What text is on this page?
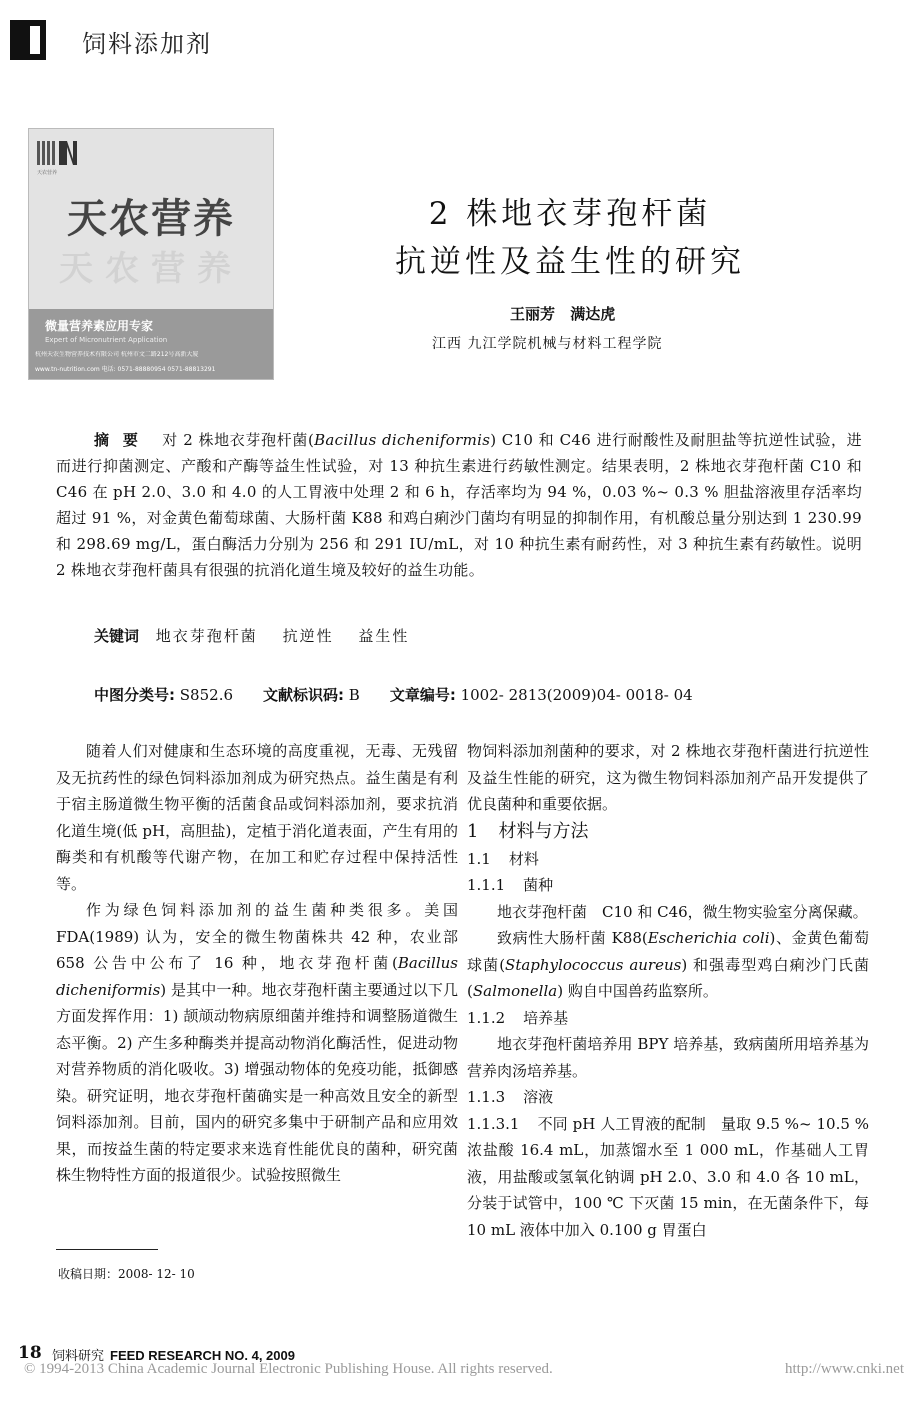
饲料添加剂
天农营养
天农营养
天农营养
微量营养素应用专家
Expert of Micronutrient Application
杭州天农生物营养技术有限公司 杭州市文二路212号高新大厦
www.tn-nutrition.com 电话: 0571-88880954 0571-88813291
2 株地衣芽孢杆菌
抗逆性及益生性的研究
王丽芳 满达虎
江西 九江学院机械与材料工程学院
摘 要 对 2 株地衣芽孢杆菌(Bacillus dicheniformis) C10 和 C46 进行耐酸性及耐胆盐等抗逆性试验，进而进行抑菌测定、产酸和产酶等益生性试验，对 13 种抗生素进行药敏性测定。结果表明，2 株地衣芽孢杆菌 C10 和 C46 在 pH 2.0、3.0 和 4.0 的人工胃液中处理 2 和 6 h，存活率均为 94 %，0.03 %~ 0.3 % 胆盐溶液里存活率均超过 91 %，对金黄色葡萄球菌、大肠杆菌 K88 和鸡白痢沙门菌均有明显的抑制作用，有机酸总量分别达到 1 230.99 和 298.69 mg/L，蛋白酶活力分别为 256 和 291 IU/mL，对 10 种抗生素有耐药性，对 3 种抗生素有药敏性。说明 2 株地衣芽孢杆菌具有很强的抗消化道生境及较好的益生功能。
关键词 地衣芽孢杆菌 抗逆性 益生性
中图分类号: S852.6 文献标识码: B 文章编号: 1002- 2813(2009)04- 0018- 04

随着人们对健康和生态环境的高度重视，无毒、无残留及无抗药性的绿色饲料添加剂成为研究热点。益生菌是有利于宿主肠道微生物平衡的活菌食品或饲料添加剂，要求抗消化道生境(低 pH，高胆盐)，定植于消化道表面，产生有用的酶类和有机酸等代谢产物，在加工和贮存过程中保持活性等。

作为绿色饲料添加剂的益生菌种类很多。美国 FDA(1989) 认为，安全的微生物菌株共 42 种，农业部 658 公告中公布了 16 种，地衣芽孢杆菌(Bacillus dicheniformis) 是其中一种。地衣芽孢杆菌主要通过以下几方面发挥作用：1) 颉颃动物病原细菌并维持和调整肠道微生态平衡。2) 产生多种酶类并提高动物消化酶活性，促进动物对营养物质的消化吸收。3) 增强动物体的免疫功能，抵御感染。研究证明，地衣芽孢杆菌确实是一种高效且安全的新型饲料添加剂。目前，国内的研究多集中于研制产品和应用效果，而按益生菌的特定要求来选育性能优良的菌种，研究菌株生物特性方面的报道很少。试验按照微生

收稿日期：2008- 12- 10

物饲料添加剂菌种的要求，对 2 株地衣芽孢杆菌进行抗逆性及益生性能的研究，这为微生物饲料添加剂产品开发提供了优良菌种和重要依据。

1 材料与方法

1.1 材料

1.1.1 菌种

地衣芽孢杆菌　C10 和 C46，微生物实验室分离保藏。

致病性大肠杆菌 K88(Escherichia coli)、金黄色葡萄球菌(Staphylococcus aureus) 和强毒型鸡白痢沙门氏菌(Salmonella) 购自中国兽药监察所。

1.1.2 培养基

地衣芽孢杆菌培养用 BPY 培养基，致病菌所用培养基为营养肉汤培养基。

1.1.3 溶液

1.1.3.1 不同 pH 人工胃液的配制　量取 9.5 %~ 10.5 % 浓盐酸 16.4 mL，加蒸馏水至 1 000 mL，作基础人工胃液，用盐酸或氢氧化钠调 pH 2.0、3.0 和 4.0 各 10 mL，分装于试管中，100 ℃ 下灭菌 15 min，在无菌条件下，每 10 mL 液体中加入 0.100 g 胃蛋白

18 饲料研究 FEED RESEARCH NO. 4, 2009
© 1994-2013 China Academic Journal Electronic Publishing House. All rights reserved.	http://www.cnki.net
